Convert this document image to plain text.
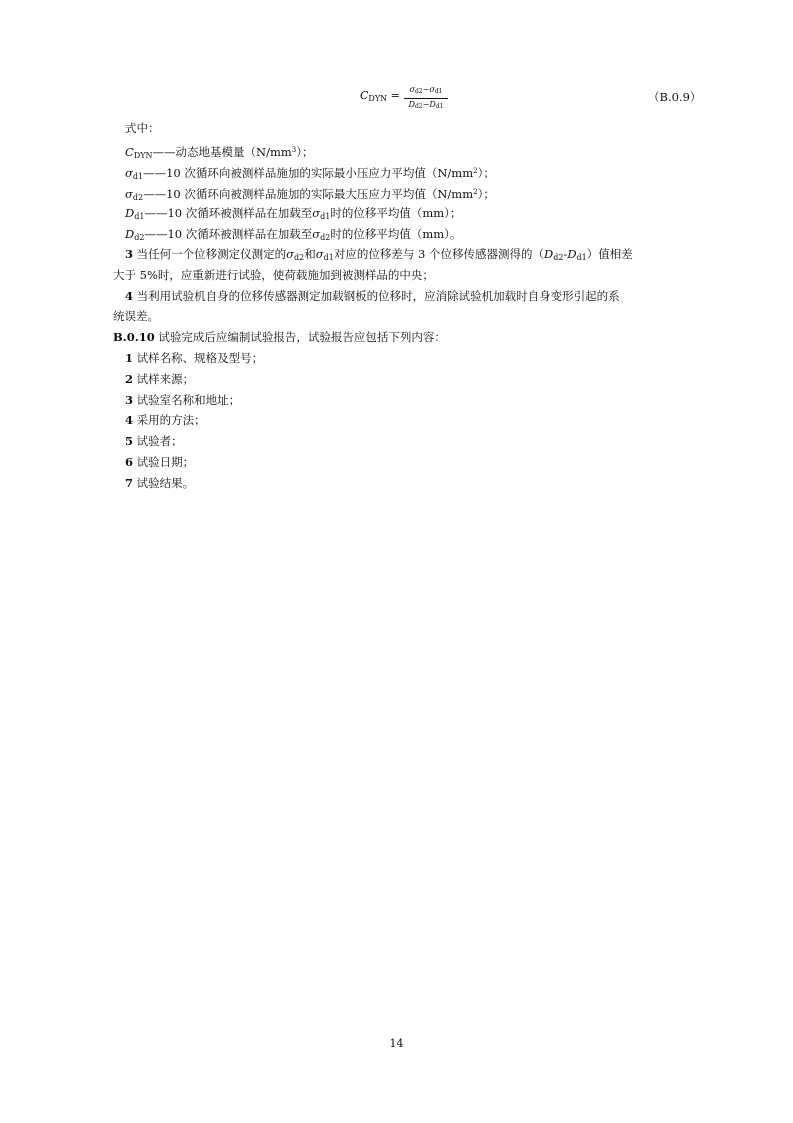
$C_{DYN} = \frac{\sigma_{d2}-\sigma_{d1}}{D_{d2}-D_{d1}}$	（B.0.9）
式中：
$C_{DYN}——$动态地基模量$(N/mm^3)$；
$\sigma_{d1}——10$ 次循环向被测样品施加的实际最小压应力平均值$(N/mm^2)$；
$\sigma_{d2}——10$ 次循环向被测样品施加的实际最大压应力平均值$(N/mm^2)$；
$D_{d1}——10$ 次循环被测样品在加载至$\sigma_{d1}$时的位移平均值（mm）；
$D_{d2}——10$ 次循环被测样品在加载至$\sigma_{d2}$时的位移平均值（mm）。
3 当任何一个位移测定仪测定的$\sigma_{d2}$和$\sigma_{d1}$对应的位移差与 3 个位移传感器测得的$(D_{d2}-D_{d1})$值相差
大于 5%时，应重新进行试验，使荷载施加到被测样品的中央；
4 当利用试验机自身的位移传感器测定加载钢板的位移时，应消除试验机加载时自身变形引起的系
统误差。
B.0.10 试验完成后应编制试验报告，试验报告应包括下列内容：
1 试样名称、规格及型号；
2 试样来源；
3 试验室名称和地址；
4 采用的方法；
5 试验者；
6 试验日期；
7 试验结果。
14
